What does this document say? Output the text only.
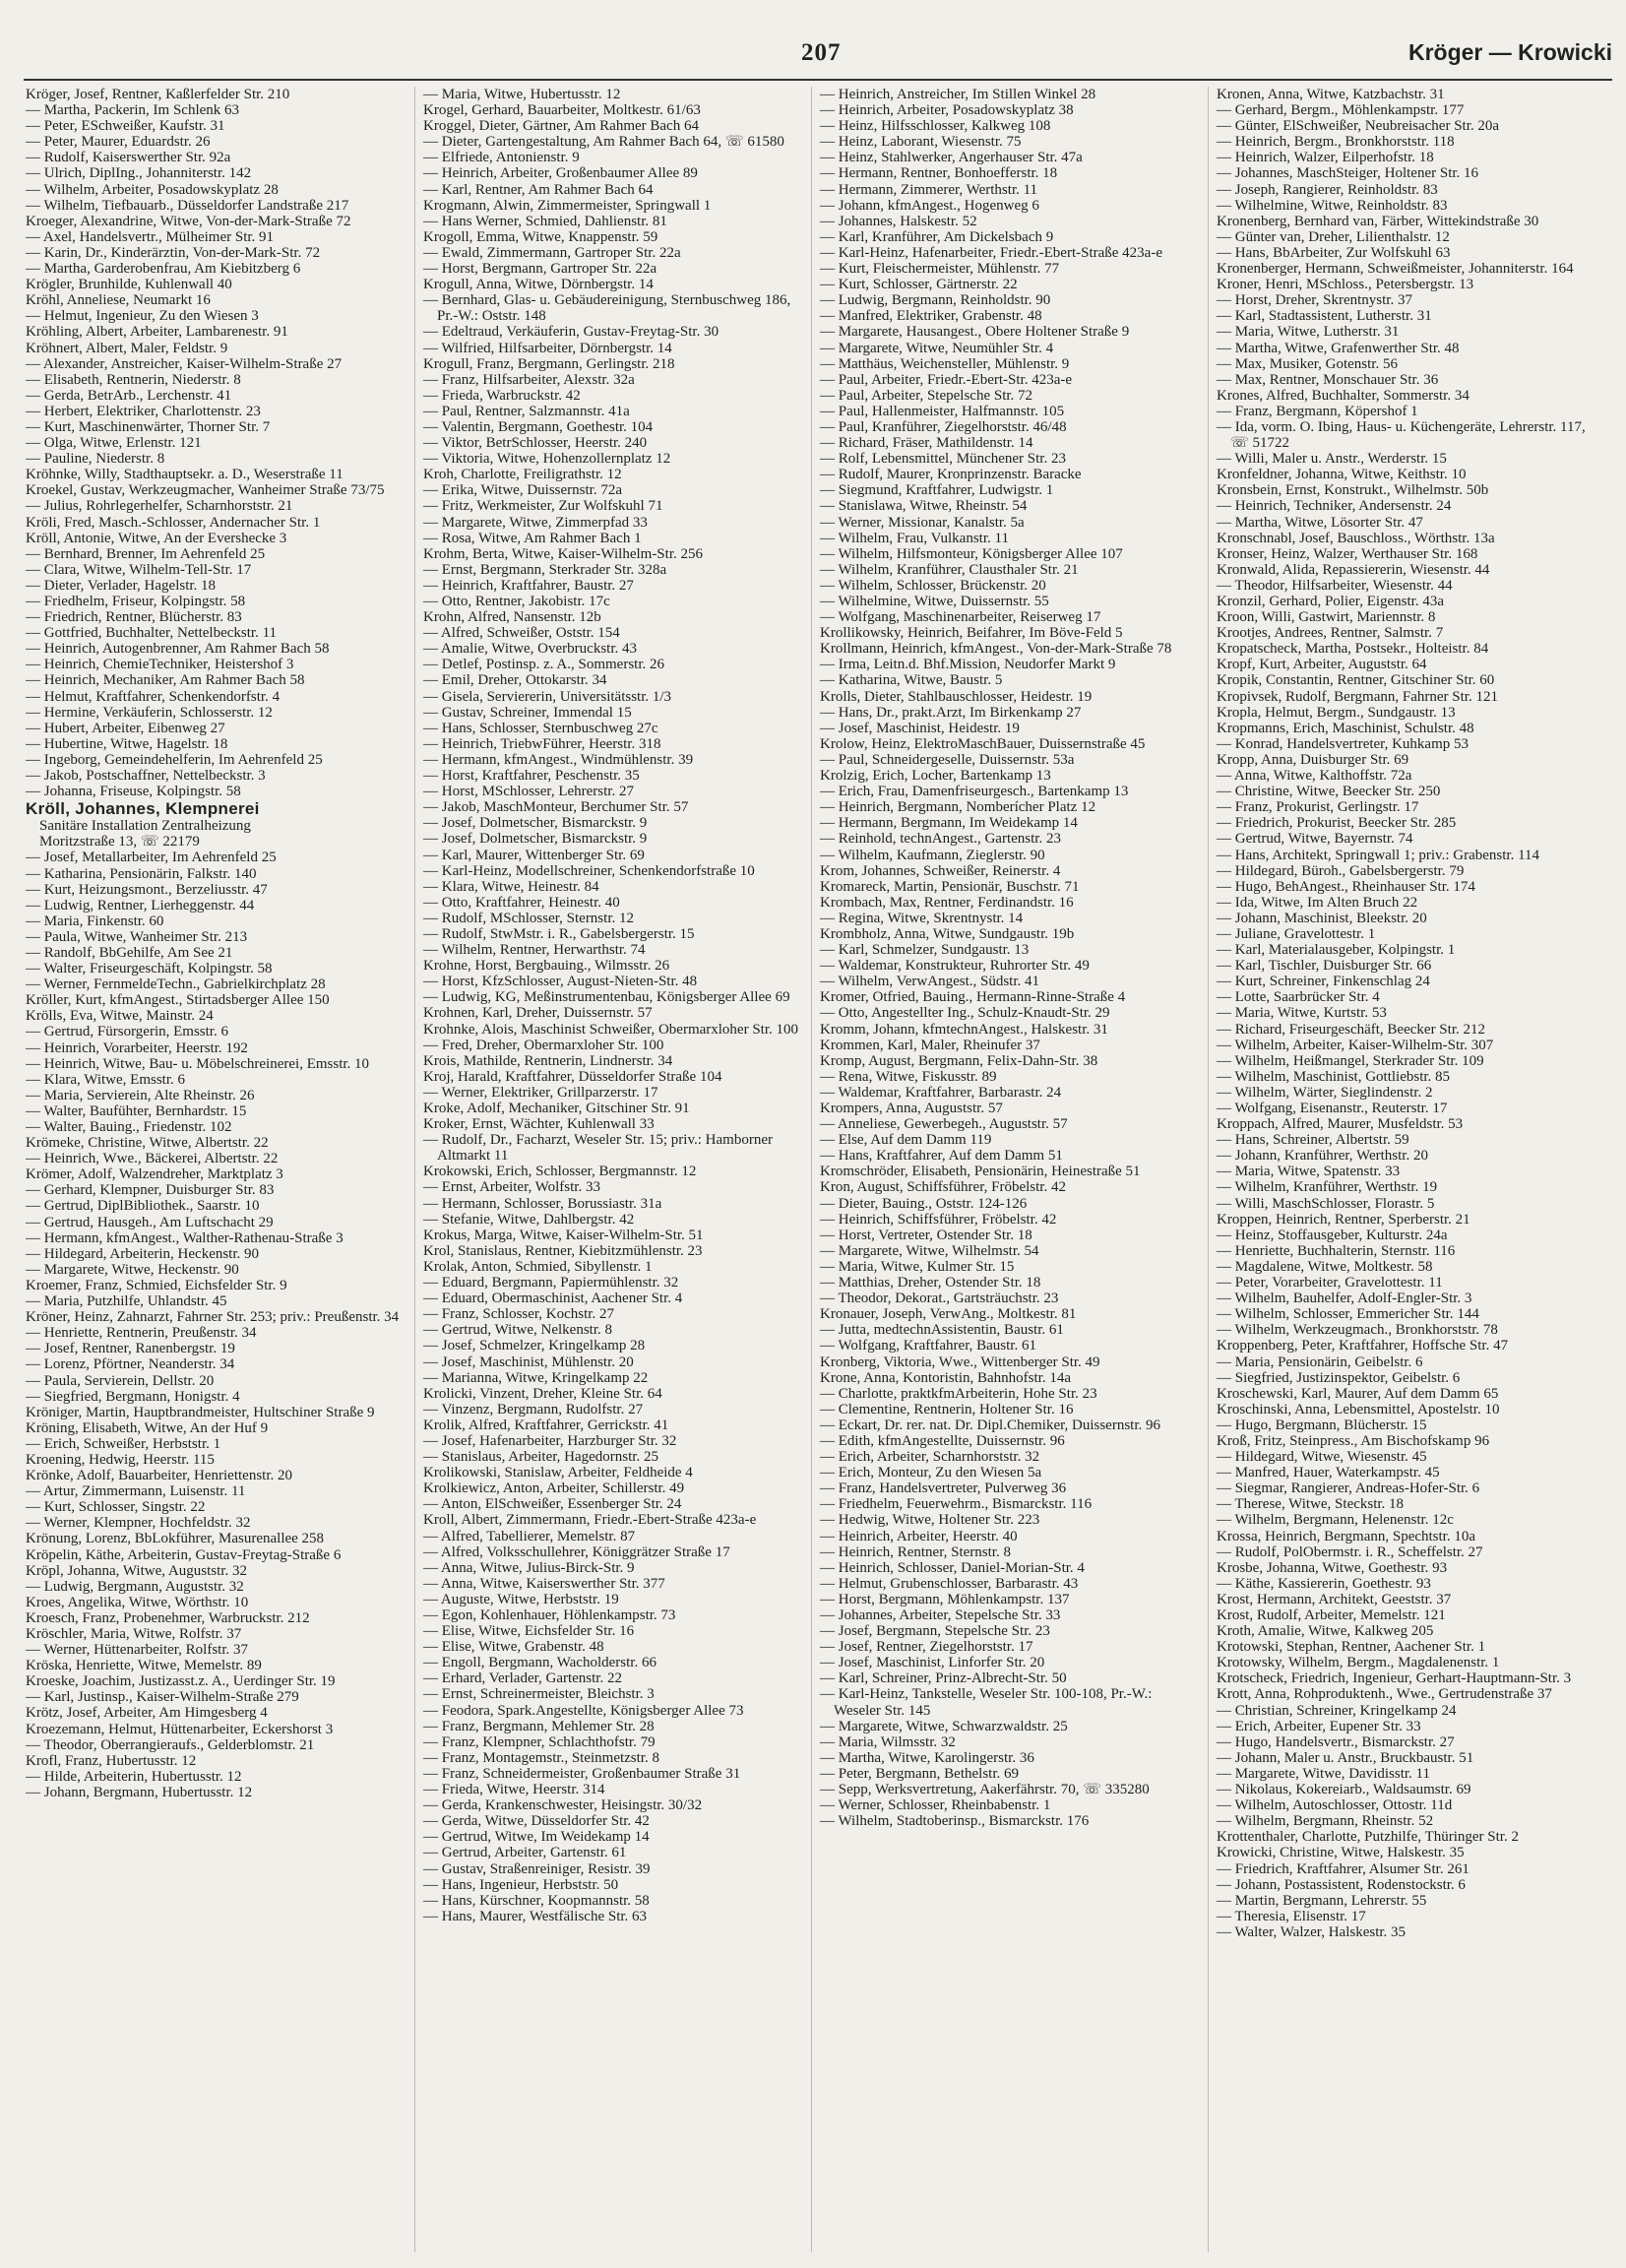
207	Kröger — Krowicki
Kröger, Josef, Rentner, Kaßlerfelder Str. 210
— Martha, Packerin, Im Schlenk 63
— Peter, ESchweißer, Kaufstr. 31
— Peter, Maurer, Eduardstr. 26
— Rudolf, Kaiserswerther Str. 92a
— Ulrich, DiplIng., Johanniterstr. 142
— Wilhelm, Arbeiter, Posadowskyplatz 28
— Wilhelm, Tiefbauarb., Düsseldorfer Landstraße 217
Kroeger, Alexandrine, Witwe, Von-der-Mark-Straße 72
— Axel, Handelsvertr., Mülheimer Str. 91
— Karin, Dr., Kinderärztin, Von-der-Mark-Str. 72
— Martha, Garderobenfrau, Am Kiebitzberg 6
Krögler, Brunhilde, Kuhlenwall 40
Kröhl, Anneliese, Neumarkt 16
— Helmut, Ingenieur, Zu den Wiesen 3
Kröhling, Albert, Arbeiter, Lambarenestr. 91
Kröhnert, Albert, Maler, Feldstr. 9
— Alexander, Anstreicher, Kaiser-Wilhelm-Straße 27
— Elisabeth, Rentnerin, Niederstr. 8
— Gerda, BetrArb., Lerchenstr. 41
— Herbert, Elektriker, Charlottenstr. 23
— Kurt, Maschinenwärter, Thorner Str. 7
— Olga, Witwe, Erlenstr. 121
— Pauline, Niederstr. 8
Kröhnke, Willy, Stadthauptsekr. a. D., Weserstraße 11
Kroekel, Gustav, Werkzeugmacher, Wanheimer Straße 73/75
— Julius, Rohrlegerhelfer, Scharnhorststr. 21
Kröli, Fred, Masch.-Schlosser, Andernacher Str. 1
Kröll, Antonie, Witwe, An der Eversheckе 3
— Bernhard, Brenner, Im Aehrenfeld 25
— Clara, Witwe, Wilhelm-Tell-Str. 17
— Dieter, Verlader, Hagelstr. 18
— Friedhelm, Friseur, Kolpingstr. 58
— Friedrich, Rentner, Blücherstr. 83
— Gottfried, Buchhalter, Nettelbeckstr. 11
— Heinrich, Autogenbrenner, Am Rahmer Bach 58
— Heinrich, ChemieTechniker, Heistershof 3
— Heinrich, Mechaniker, Am Rahmer Bach 58
— Helmut, Kraftfahrer, Schenkendorfstr. 4
— Hermine, Verkäuferin, Schlosserstr. 12
— Hubert, Arbeiter, Eibenweg 27
— Hubertine, Witwe, Hagelstr. 18
— Ingeborg, Gemeindehelferin, Im Aehrenfeld 25
— Jakob, Postschaffner, Nettelbeckstr. 3
— Johanna, Friseuse, Kolpingstr. 58
Kröll, Johannes, Klempnerei
Sanitäre Installation Zentralheizung
Moritzstraße 13, ☏ 22179
— Josef, Metallarbeiter, Im Aehrenfeld 25
— Katharina, Pensionärin, Falkstr. 140
— Kurt, Heizungsmont., Berzeliusstr. 47
— Ludwig, Rentner, Lierheggenstr. 44
— Maria, Finkenstr. 60
— Paula, Witwe, Wanheimer Str. 213
— Randolf, BbGehilfe, Am See 21
— Walter, Friseurgeschäft, Kolpingstr. 58
— Werner, FernmeldeTechn., Gabrielkirchplatz 28
Kröller, Kurt, kfmAngest., Stirtadsberger Allee 150
Krölls, Eva, Witwe, Mainstr. 24
— Gertrud, Fürsorgerin, Emsstr. 6
— Heinrich, Vorarbeiter, Heerstr. 192
— Heinrich, Witwe, Bau- u. Möbelschreinerei, Emsstr. 10
— Klara, Witwe, Emsstr. 6
— Maria, Servierein, Alte Rheinstr. 26
— Walter, Baufühter, Bernhardstr. 15
— Walter, Bauing., Friedenstr. 102
Krömeke, Christine, Witwe, Albertstr. 22
— Heinrich, Wwe., Bäckerei, Albertstr. 22
Krömer, Adolf, Walzendreher, Marktplatz 3
— Gerhard, Klempner, Duisburger Str. 83
— Gertrud, DiplBibliothek., Saarstr. 10
— Gertrud, Hausgeh., Am Luftschacht 29
— Hermann, kfmAngest., Walther-Rathenau-Straße 3
— Hildegard, Arbeiterin, Heckenstr. 90
— Margarete, Witwe, Heckenstr. 90
Kroemer, Franz, Schmied, Eichsfelder Str. 9
— Maria, Putzhilfe, Uhlandstr. 45
Kröner, Heinz, Zahnarzt, Fahrner Str. 253; priv.: Preußenstr. 34
— Henriette, Rentnerin, Preußenstr. 34
— Josef, Rentner, Ranenbergstr. 19
— Lorenz, Pförtner, Neanderstr. 34
— Paula, Servierein, Dellstr. 20
— Siegfried, Bergmann, Honigstr. 4
Kröniger, Martin, Hauptbrandmeister, Hultschiner Straße 9
Kröning, Elisabeth, Witwe, An der Huf 9
— Erich, Schweißer, Herbststr. 1
Kroening, Hedwig, Heerstr. 115
Krönke, Adolf, Bauarbeiter, Henriettenstr. 20
— Artur, Zimmermann, Luisenstr. 11
— Kurt, Schlosser, Singstr. 22
— Werner, Klempner, Hochfeldstr. 32
Krönung, Lorenz, BbLokführer, Masurenallee 258
Kröpelin, Käthe, Arbeiterin, Gustav-Freytag-Straße 6
Kröpl, Johanna, Witwe, Auguststr. 32
— Ludwig, Bergmann, Auguststr. 32
Kroes, Angelika, Witwe, Wörthstr. 10
Kroesch, Franz, Probenehmer, Warbruckstr. 212
Kröschler, Maria, Witwe, Rolfstr. 37
— Werner, Hüttenarbeiter, Rolfstr. 37
Kröska, Henriette, Witwe, Memelstr. 89
Kroeske, Joachim, Justizasst.z. A., Uerdinger Str. 19
— Karl, Justinsp., Kaiser-Wilhelm-Straße 279
Krötz, Josef, Arbeiter, Am Himgesberg 4
Kroezemann, Helmut, Hüttenarbeiter, Eckershorst 3
— Theodor, Oberrangieraufs., Gelderblomstr. 21
Krofl, Franz, Hubertusstr. 12
— Hilde, Arbeiterin, Hubertusstr. 12
— Johann, Bergmann, Hubertusstr. 12
— Maria, Witwe, Hubertusstr. 12
Krogel, Gerhard, Bauarbeiter, Moltkestr. 61/63
Kroggel, Dieter, Gärtner, Am Rahmer Bach 64
— Dieter, Gartengestaltung, Am Rahmer Bach 64, ☏ 61580
— Elfriede, Antonienstr. 9
— Heinrich, Arbeiter, Großenbaumer Allee 89
— Karl, Rentner, Am Rahmer Bach 64
Krogmann, Alwin, Zimmermeister, Springwall 1
— Hans Werner, Schmied, Dahlienstr. 81
Krogoll, Emma, Witwe, Knappenstr. 59
— Ewald, Zimmermann, Gartroper Str. 22a
— Horst, Bergmann, Gartroper Str. 22a
Krogull, Anna, Witwe, Dörnbergstr. 14
— Bernhard, Glas- u. Gebäudereinigung, Sternbuschweg 186, Pr.-W.: Oststr. 148
— Edeltraud, Verkäuferin, Gustav-Freytag-Str. 30
— Wilfried, Hilfsarbeiter, Dörnbergstr. 14
Krogull, Franz, Bergmann, Gerlingstr. 218
— Franz, Hilfsarbeiter, Alexstr. 32a
— Frieda, Warbruckstr. 42
— Paul, Rentner, Salzmannstr. 41a
— Valentin, Bergmann, Goethestr. 104
— Viktor, BetrSchlosser, Heerstr. 240
— Viktoria, Witwe, Hohenzollernplatz 12
Kroh, Charlotte, Freiligrathstr. 12
— Erika, Witwe, Duissernstr. 72a
— Fritz, Werkmeister, Zur Wolfskuhl 71
— Margarete, Witwe, Zimmerpfad 33
— Rosa, Witwe, Am Rahmer Bach 1
Krohm, Berta, Witwe, Kaiser-Wilhelm-Str. 256
— Ernst, Bergmann, Sterkrader Str. 328a
— Heinrich, Kraftfahrer, Baustr. 27
— Otto, Rentner, Jakobistr. 17c
Krohn, Alfred, Nansenstr. 12b
— Alfred, Schweißer, Oststr. 154
— Amalie, Witwe, Overbruckstr. 43
— Detlef, Postinsp. z. A., Sommerstr. 26
— Emil, Dreher, Ottokarstr. 34
— Gisela, Serviererin, Universitätsstr. 1/3
— Gustav, Schreiner, Immendal 15
— Hans, Schlosser, Sternbuschweg 27c
— Heinrich, TriebwFührer, Heerstr. 318
— Hermann, kfmAngest., Windmühlenstr. 39
— Horst, Kraftfahrer, Peschenstr. 35
— Horst, MSchlosser, Lehrerstr. 27
— Jakob, MaschMonteur, Berchumer Str. 57
— Josef, Dolmetscher, Bismarckstr. 9
— Josef, Dolmetscher, Bismarckstr. 9
— Karl, Maurer, Wittenberger Str. 69
— Karl-Heinz, Modellschreiner, Schenkendorfstraße 10
— Klara, Witwe, Heinestr. 84
— Otto, Kraftfahrer, Heinestr. 40
— Rudolf, MSchlosser, Sternstr. 12
— Rudolf, StwMstr. i. R., Gabelsbergerstr. 15
— Wilhelm, Rentner, Herwarthstr. 74
Krohne, Horst, Bergbauing., Wilmsstr. 26
— Horst, KfzSchlosser, August-Nieten-Str. 48
— Ludwig, KG, Meßinstrumentenbau, Königsberger Allee 69
Krohnen, Karl, Dreher, Duissernstr. 57
Krohnke, Alois, Maschinist Schweißer, Obermarxloher Str. 100
— Fred, Dreher, Obermarxloher Str. 100
Krois, Mathilde, Rentnerin, Lindnerstr. 34
Kroj, Harald, Kraftfahrer, Düsseldorfer Straße 104
— Werner, Elektriker, Grillparzerstr. 17
Kroke, Adolf, Mechaniker, Gitschiner Str. 91
Kroker, Ernst, Wächter, Kuhlenwall 33
— Rudolf, Dr., Facharzt, Weseler Str. 15; priv.: Hamborner Altmarkt 11
Krokowski, Erich, Schlosser, Bergmannstr. 12
— Ernst, Arbeiter, Wolfstr. 33
— Hermann, Schlosser, Borussiastr. 31a
— Stefanie, Witwe, Dahlbergstr. 42
Krokus, Marga, Witwe, Kaiser-Wilhelm-Str. 51
Krol, Stanislaus, Rentner, Kiebitzmühlenstr. 23
Krolak, Anton, Schmied, Sibyllenstr. 1
— Eduard, Bergmann, Papiermühlenstr. 32
— Eduard, Obermaschinist, Aachener Str. 4
— Franz, Schlosser, Kochstr. 27
— Gertrud, Witwe, Nelkenstr. 8
— Josef, Schmelzer, Kringelkamp 28
— Josef, Maschinist, Mühlenstr. 20
— Marianna, Witwe, Kringelkamp 22
Krolicki, Vinzent, Dreher, Kleine Str. 64
— Vinzenz, Bergmann, Rudolfstr. 27
Krolik, Alfred, Kraftfahrer, Gerrickstr. 41
— Josef, Hafenarbeiter, Harzburger Str. 32
— Stanislaus, Arbeiter, Hagedornstr. 25
Krolikowski, Stanislaw, Arbeiter, Feldheide 4
Krolkiewicz, Anton, Arbeiter, Schillerstr. 49
— Anton, ElSchweißer, Essenberger Str. 24
Kroll, Albert, Zimmermann, Friedr.-Ebert-Straße 423a-e
— Alfred, Tabellierer, Memelstr. 87
— Alfred, Volksschullehrer, Königgrätzer Straße 17
— Anna, Witwe, Julius-Birck-Str. 9
— Anna, Witwe, Kaiserswerther Str. 377
— Auguste, Witwe, Herbststr. 19
— Egon, Kohlenhauer, Höhlenkampstr. 73
— Elise, Witwe, Eichsfelder Str. 16
— Elise, Witwe, Grabenstr. 48
— Engoll, Bergmann, Wacholderstr. 66
— Erhard, Verlader, Gartenstr. 22
— Ernst, Schreinermeister, Bleichstr. 3
— Feodora, Spark.Angestellte, Königsberger Allee 73
— Franz, Bergmann, Mehlemer Str. 28
— Franz, Klempner, Schlachthofstr. 79
— Franz, Montagemstr., Steinmetzstr. 8
— Franz, Schneidermeister, Großenbaumer Straße 31
— Frieda, Witwe, Heerstr. 314
— Gerda, Krankenschwester, Heisingstr. 30/32
— Gerda, Witwe, Düsseldorfer Str. 42
— Gertrud, Witwe, Im Weidekamp 14
— Gertrud, Arbeiter, Gartenstr. 61
— Gustav, Straßenreiniger, Resistr. 39
— Hans, Ingenieur, Herbststr. 50
— Hans, Kürschner, Koopmannstr. 58
— Hans, Maurer, Westfälische Str. 63
— Heinrich, Anstreicher, Im Stillen Winkel 28
— Heinrich, Arbeiter, Posadowskyplatz 38
— Heinz, Hilfsschlosser, Kalkweg 108
— Heinz, Laborant, Wiesenstr. 75
— Heinz, Stahlwerker, Angerhauser Str. 47a
— Hermann, Rentner, Bonhoefferstr. 18
— Hermann, Zimmerer, Werthstr. 11
— Johann, kfmAngest., Hogenweg 6
— Johannes, Halskestr. 52
— Karl, Kranführer, Am Dickelsbach 9
— Karl-Heinz, Hafenarbeiter, Friedr.-Ebert-Straße 423a-e
— Kurt, Fleischermeister, Mühlenstr. 77
— Kurt, Schlosser, Gärtnerstr. 22
— Ludwig, Bergmann, Reinholdstr. 90
— Manfred, Elektriker, Grabenstr. 48
— Margarete, Hausangest., Obere Holtener Straße 9
— Margarete, Witwe, Neumühler Str. 4
— Matthäus, Weichensteller, Mühlenstr. 9
— Paul, Arbeiter, Friedr.-Ebert-Str. 423a-e
— Paul, Arbeiter, Stepelsche Str. 72
— Paul, Hallenmeister, Halfmannstr. 105
— Paul, Kranführer, Ziegelhorststr. 46/48
— Richard, Fräser, Mathildenstr. 14
— Rolf, Lebensmittel, Münchener Str. 23
— Rudolf, Maurer, Kronprinzenstr. Baracke
— Siegmund, Kraftfahrer, Ludwigstr. 1
— Stanislawa, Witwe, Rheinstr. 54
— Werner, Missionar, Kanalstr. 5a
— Wilhelm, Frau, Vulkanstr. 11
— Wilhelm, Hilfsmonteur, Königsberger Allee 107
— Wilhelm, Kranführer, Clausthaler Str. 21
— Wilhelm, Schlosser, Brückenstr. 20
— Wilhelmine, Witwe, Duissernstr. 55
— Wolfgang, Maschinenarbeiter, Reiserweg 17
Krollikowsky, Heinrich, Beifahrer, Im Böve-Feld 5
Krollmann, Heinrich, kfmAngest., Von-der-Mark-Straße 78
— Irma, Leitn.d. Bhf.Mission, Neudorfer Markt 9
— Katharina, Witwe, Baustr. 5
Krolls, Dieter, Stahlbauschlosser, Heidestr. 19
— Hans, Dr., prakt.Arzt, Im Birkenkamp 27
— Josef, Maschinist, Heidestr. 19
Krolow, Heinz, ElektroMaschBauer, Duissernstraße 45
— Paul, Schneidergeselle, Duissernstr. 53a
Krolzig, Erich, Locher, Bartenkamp 13
— Erich, Frau, Damenfriseurgesch., Bartenkamp 13
— Heinrich, Bergmann, Nomberícher Platz 12
— Hermann, Bergmann, Im Weidekamp 14
— Reinhold, technAngest., Gartenstr. 23
— Wilhelm, Kaufmann, Zieglerstr. 90
Krom, Johannes, Schweißer, Reinerstr. 4
Kromareck, Martin, Pensionär, Buschstr. 71
Krombach, Max, Rentner, Ferdinandstr. 16
— Regina, Witwe, Skrentnystr. 14
Krombholz, Anna, Witwe, Sundgaustr. 19b
— Karl, Schmelzer, Sundgaustr. 13
— Waldemar, Konstrukteur, Ruhrorter Str. 49
— Wilhelm, VerwAngest., Südstr. 41
Kromer, Otfried, Bauing., Hermann-Rinne-Straße 4
— Otto, Angestellter Ing., Schulz-Knaudt-Str. 29
Kromm, Johann, kfmtechnAngest., Halskestr. 31
Krommen, Karl, Maler, Rheinufer 37
Kromp, August, Bergmann, Felix-Dahn-Str. 38
— Rena, Witwe, Fiskusstr. 89
— Waldemar, Kraftfahrer, Barbarastr. 24
Krompers, Anna, Auguststr. 57
— Anneliese, Gewerbegeh., Auguststr. 57
— Else, Auf dem Damm 119
— Hans, Kraftfahrer, Auf dem Damm 51
Kromschröder, Elisabeth, Pensionärin, Heinestraße 51
Kron, August, Schiffsführer, Fröbelstr. 42
— Dieter, Bauing., Oststr. 124-126
— Heinrich, Schiffsführer, Fröbelstr. 42
— Horst, Vertreter, Ostender Str. 18
— Margarete, Witwe, Wilhelmstr. 54
— Maria, Witwe, Kulmer Str. 15
— Matthias, Dreher, Ostender Str. 18
— Theodor, Dekorat., Gartsträuchstr. 23
Kronauer, Joseph, VerwAng., Moltkestr. 81
— Jutta, medtechnAssistentin, Baustr. 61
— Wolfgang, Kraftfahrer, Baustr. 61
Kronberg, Viktoria, Wwe., Wittenberger Str. 49
Krone, Anna, Kontoristin, Bahnhofstr. 14a
— Charlotte, praktkfmArbeiterin, Hohe Str. 23
— Clementine, Rentnerin, Holtener Str. 16
— Eckart, Dr. rer. nat. Dr. Dipl.Chemiker, Duissernstr. 96
— Edith, kfmAngestellte, Duissernstr. 96
— Erich, Arbeiter, Scharnhorststr. 32
— Erich, Monteur, Zu den Wiesen 5a
— Franz, Handelsvertreter, Pulverweg 36
— Friedhelm, Feuerwehrm., Bismarckstr. 116
— Hedwig, Witwe, Holtener Str. 223
— Heinrich, Arbeiter, Heerstr. 40
— Heinrich, Rentner, Sternstr. 8
— Heinrich, Schlosser, Daniel-Morian-Str. 4
— Helmut, Grubenschlosser, Barbarastr. 43
— Horst, Bergmann, Möhlenkampstr. 137
— Johannes, Arbeiter, Stepelsche Str. 33
— Josef, Bergmann, Stepelsche Str. 23
— Josef, Rentner, Ziegelhorststr. 17
— Josef, Maschinist, Linforfer Str. 20
— Karl, Schreiner, Prinz-Albrecht-Str. 50
— Karl-Heinz, Tankstelle, Weseler Str. 100-108, Pr.-W.: Weseler Str. 145
— Margarete, Witwe, Schwarzwaldstr. 25
— Maria, Wilmsstr. 32
— Martha, Witwe, Karolingerstr. 36
— Peter, Bergmann, Bethelstr. 69
— Sepp, Werksvertretung, Aakerfährstr. 70, ☏ 335280
— Werner, Schlosser, Rheinbabenstr. 1
— Wilhelm, Stadtoberinsp., Bismarckstr. 176
Kronen, Anna, Witwe, Katzbachstr. 31
— Gerhard, Bergm., Möhlenkampstr. 177
— Günter, ElSchweißer, Neubreisacher Str. 20a
— Heinrich, Bergm., Bronkhorststr. 118
— Heinrich, Walzer, Eilperhofstr. 18
— Johannes, MaschSteiger, Holtener Str. 16
— Joseph, Rangierer, Reinholdstr. 83
— Wilhelmine, Witwe, Reinholdstr. 83
Kronenberg, Bernhard van, Färber, Wittekindstraße 30
— Günter van, Dreher, Lilienthalstr. 12
— Hans, BbArbeiter, Zur Wolfskuhl 63
Kronenberger, Hermann, Schweißmeister, Johanniterstr. 164
Kroner, Henri, MSchloss., Petersbergstr. 13
— Horst, Dreher, Skrentnystr. 37
— Karl, Stadtassistent, Lutherstr. 31
— Maria, Witwe, Lutherstr. 31
— Martha, Witwe, Grafenwerther Str. 48
— Max, Musiker, Gotenstr. 56
— Max, Rentner, Monschauer Str. 36
Krones, Alfred, Buchhalter, Sommerstr. 34
— Franz, Bergmann, Köpershof 1
— Ida, vorm. O. Ibing, Haus- u. Küchengeräte, Lehrerstr. 117, ☏ 51722
— Willi, Maler u. Anstr., Werderstr. 15
Kronfeldner, Johanna, Witwe, Keithstr. 10
Kronsbein, Ernst, Konstrukt., Wilhelmstr. 50b
— Heinrich, Techniker, Andersenstr. 24
— Martha, Witwe, Lösorter Str. 47
Kronschnabl, Josef, Bauschloss., Wörthstr. 13a
Kronser, Heinz, Walzer, Werthauser Str. 168
Kronwald, Alida, Repassiererin, Wiesenstr. 44
— Theodor, Hilfsarbeiter, Wiesenstr. 44
Kronzil, Gerhard, Polier, Eigenstr. 43a
Kroon, Willi, Gastwirt, Mariennstr. 8
Krootjes, Andrees, Rentner, Salmstr. 7
Kropatscheck, Martha, Postsekr., Holteistr. 84
Kropf, Kurt, Arbeiter, Auguststr. 64
Kropik, Constantin, Rentner, Gitschiner Str. 60
Kropivsek, Rudolf, Bergmann, Fahrner Str. 121
Kropla, Helmut, Bergm., Sundgaustr. 13
Kropmanns, Erich, Maschinist, Schulstr. 48
— Konrad, Handelsvertreter, Kuhkamp 53
Kropp, Anna, Duisburger Str. 69
— Anna, Witwe, Kalthoffstr. 72a
— Christine, Witwe, Beecker Str. 250
— Franz, Prokurist, Gerlingstr. 17
— Friedrich, Prokurist, Beecker Str. 285
— Gertrud, Witwe, Bayernstr. 74
— Hans, Architekt, Springwall 1; priv.: Grabenstr. 114
— Hildegard, Büroh., Gabelsbergerstr. 79
— Hugo, BehAngest., Rheinhauser Str. 174
— Ida, Witwe, Im Alten Bruch 22
— Johann, Maschinist, Bleekstr. 20
— Juliane, Gravelottestr. 1
— Karl, Materialausgeber, Kolpingstr. 1
— Karl, Tischler, Duisburger Str. 66
— Kurt, Schreiner, Finkenschlag 24
— Lotte, Saarbrücker Str. 4
— Maria, Witwe, Kurtstr. 53
— Richard, Friseurgeschäft, Beecker Str. 212
— Wilhelm, Arbeiter, Kaiser-Wilhelm-Str. 307
— Wilhelm, Heißmangel, Sterkrader Str. 109
— Wilhelm, Maschinist, Gottliebstr. 85
— Wilhelm, Wärter, Sieglindenstr. 2
— Wolfgang, Eisenanstr., Reuterstr. 17
Kroppach, Alfred, Maurer, Musfeldstr. 53
— Hans, Schreiner, Albertstr. 59
— Johann, Kranführer, Werthstr. 20
— Maria, Witwe, Spatenstr. 33
— Wilhelm, Kranführer, Werthstr. 19
— Willi, MaschSchlosser, Florastr. 5
Kroppen, Heinrich, Rentner, Sperberstr. 21
— Heinz, Stoffausgeber, Kulturstr. 24a
— Henriette, Buchhalterin, Sternstr. 116
— Magdalene, Witwe, Moltkestr. 58
— Peter, Vorarbeiter, Gravelottestr. 11
— Wilhelm, Bauhelfer, Adolf-Engler-Str. 3
— Wilhelm, Schlosser, Emmericher Str. 144
— Wilhelm, Werkzeugmach., Bronkhorststr. 78
Kroppenberg, Peter, Kraftfahrer, Hoffsche Str. 47
— Maria, Pensionärin, Geibelstr. 6
— Siegfried, Justizinspektor, Geibelstr. 6
Kroschewski, Karl, Maurer, Auf dem Damm 65
Kroschinski, Anna, Lebensmittel, Apostelstr. 10
— Hugo, Bergmann, Blücherstr. 15
Kroß, Fritz, Steinpress., Am Bischofskamp 96
— Hildegard, Witwe, Wiesenstr. 45
— Manfred, Hauer, Waterkampstr. 45
— Siegmar, Rangierer, Andreas-Hofer-Str. 6
— Therese, Witwe, Steckstr. 18
— Wilhelm, Bergmann, Helenenstr. 12c
Krossa, Heinrich, Bergmann, Spechtstr. 10a
— Rudolf, PolObermstr. i. R., Scheffelstr. 27
Krosbe, Johanna, Witwe, Goethestr. 93
— Käthe, Kassiererin, Goethestr. 93
Krost, Hermann, Architekt, Geeststr. 37
Krost, Rudolf, Arbeiter, Memelstr. 121
Kroth, Amalie, Witwe, Kalkweg 205
Krotowski, Stephan, Rentner, Aachener Str. 1
Krotowsky, Wilhelm, Bergm., Magdalenenstr. 1
Krotscheck, Friedrich, Ingenieur, Gerhart-Hauptmann-Str. 3
Krott, Anna, Rohproduktenh., Wwe., Gertrudenstraße 37
— Christian, Schreiner, Kringelkamp 24
— Erich, Arbeiter, Eupener Str. 33
— Hugo, Handelsvertr., Bismarckstr. 27
— Johann, Maler u. Anstr., Bruckbaustr. 51
— Margarete, Witwe, Davidisstr. 11
— Nikolaus, Kokereiarb., Waldsaumstr. 69
— Wilhelm, Autoschlosser, Ottostr. 11d
— Wilhelm, Bergmann, Rheinstr. 52
Krottenthaler, Charlotte, Putzhilfe, Thüringer Str. 2
Krowicki, Christine, Witwe, Halskestr. 35
— Friedrich, Kraftfahrer, Alsumer Str. 261
— Johann, Postassistent, Rodenstockstr. 6
— Martin, Bergmann, Lehrerstr. 55
— Theresia, Elisenstr. 17
— Walter, Walzer, Halskestr. 35
